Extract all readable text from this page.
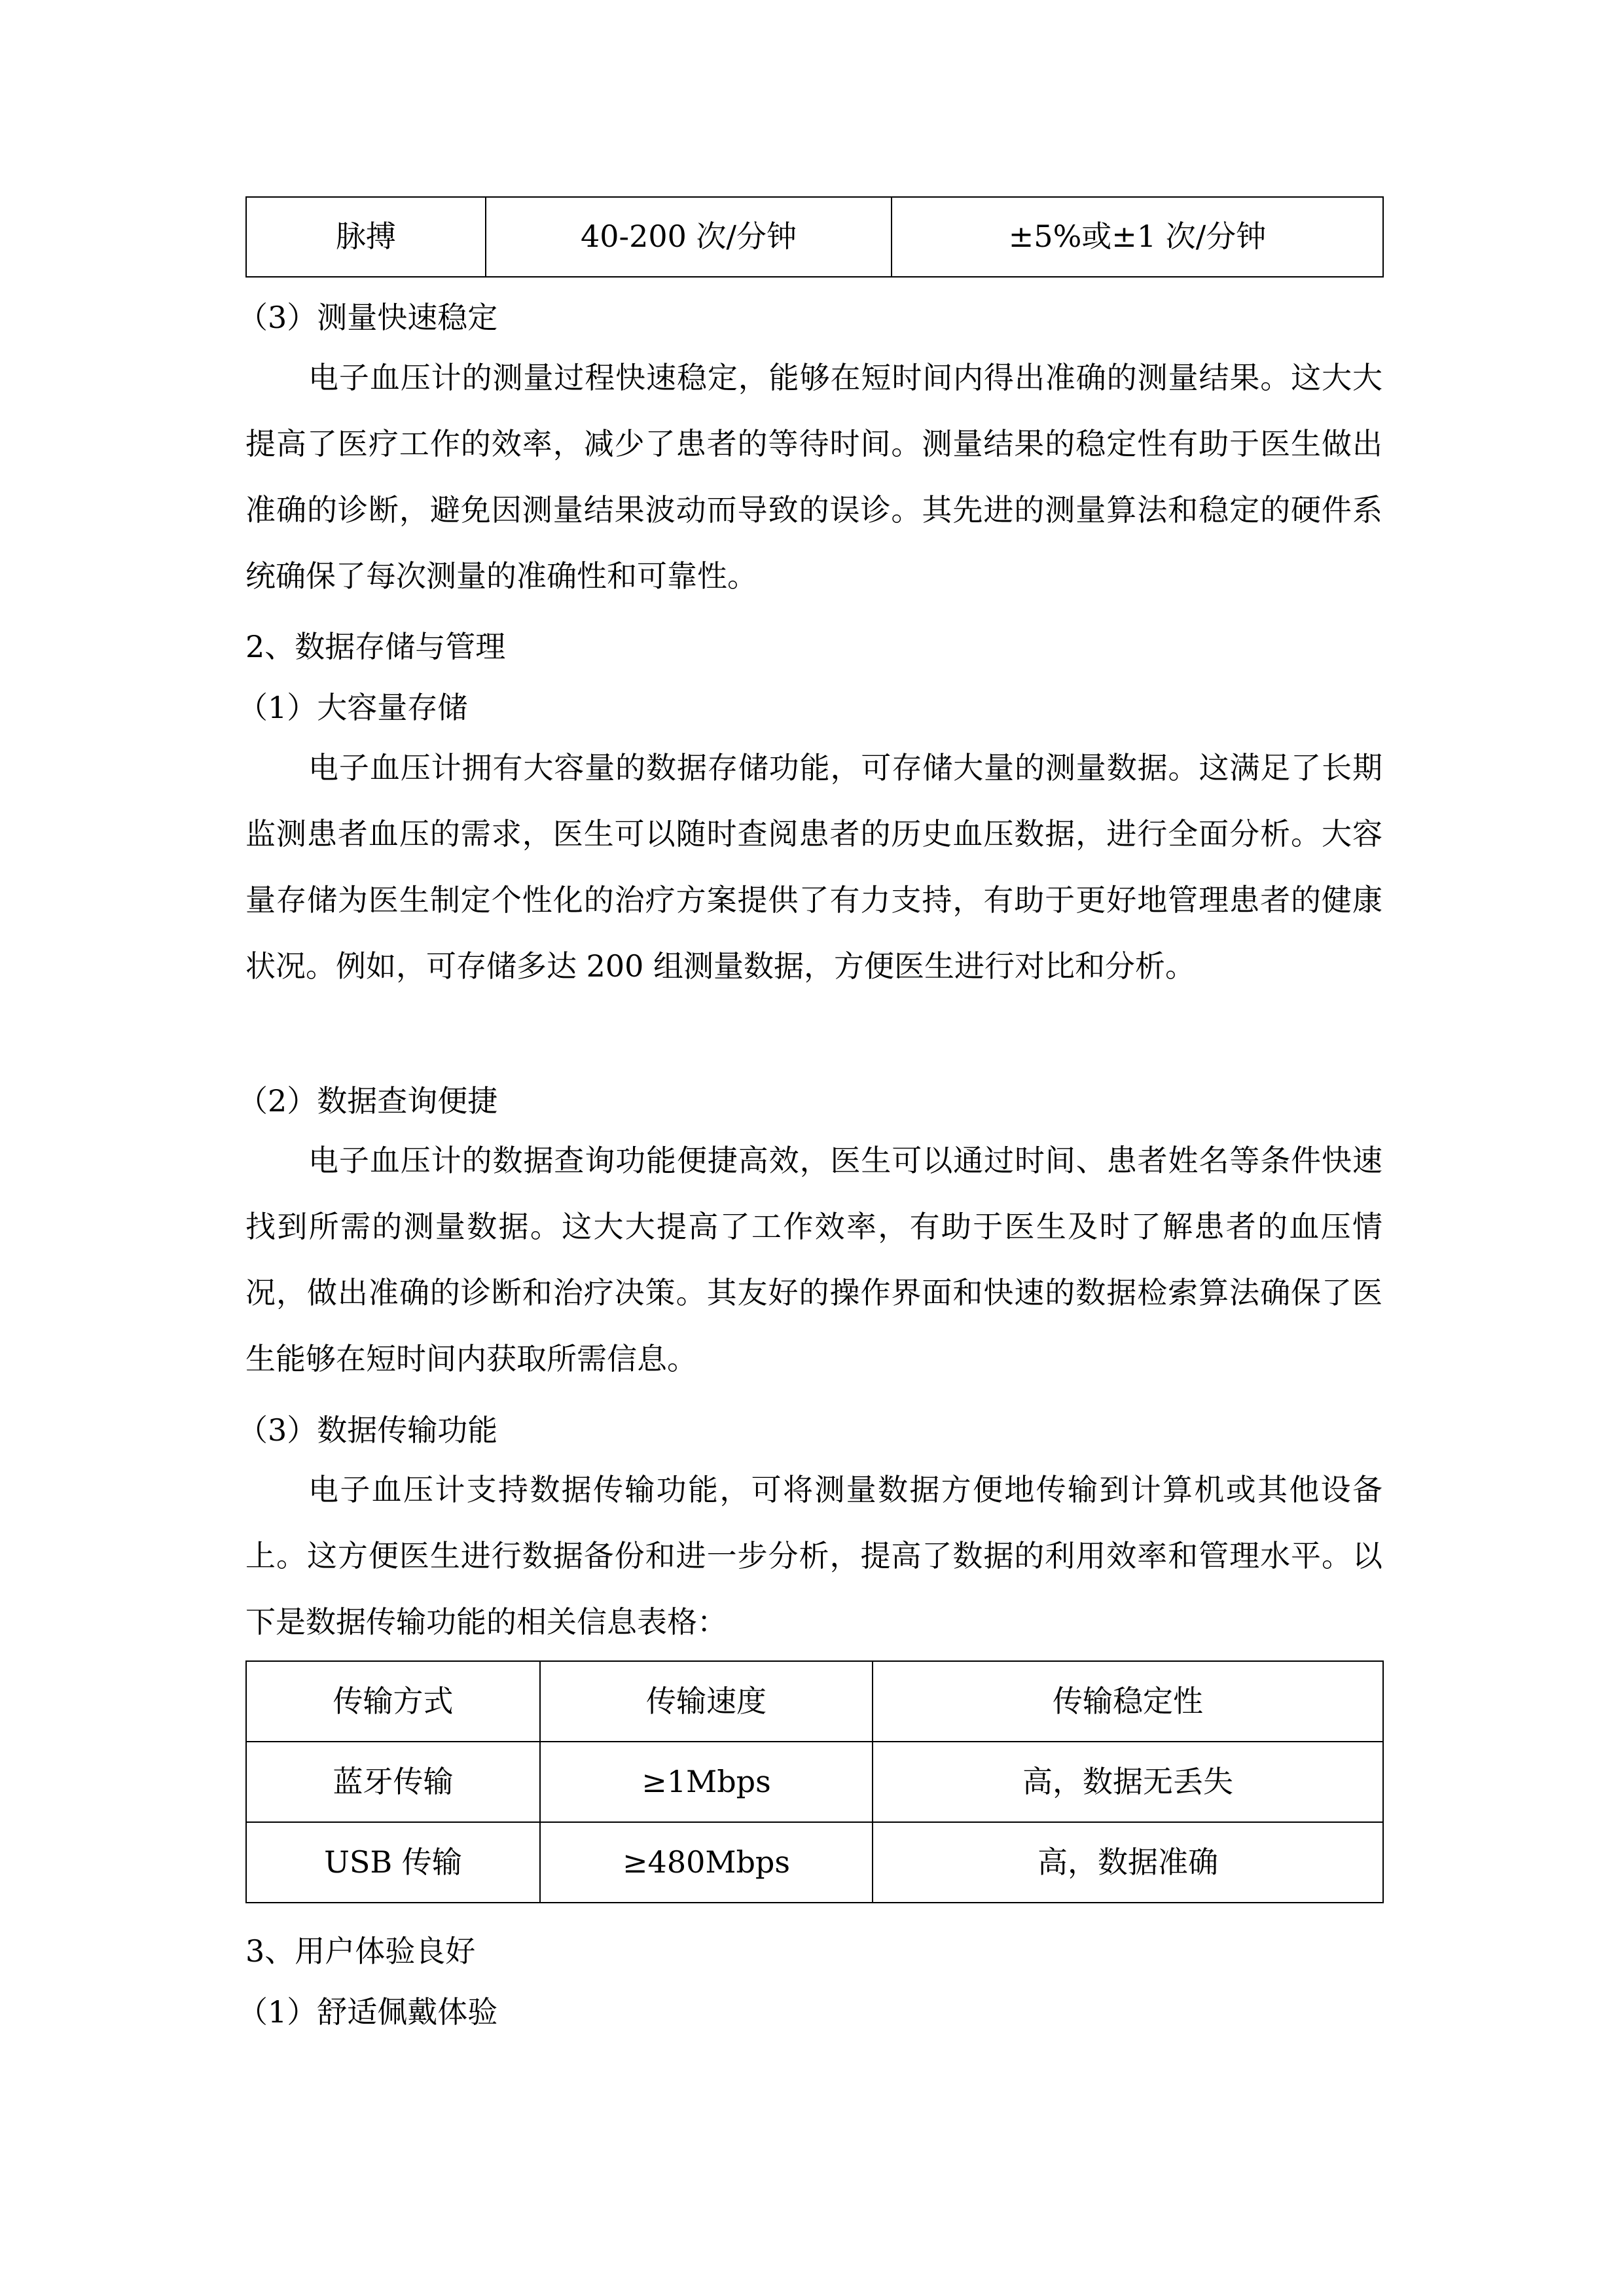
脉搏	40-200 次/分钟	±5%或±1 次/分钟

（3）测量快速稳定

电子血压计的测量过程快速稳定，能够在短时间内得出准确的测量结果。这大大提高了医疗工作的效率，减少了患者的等待时间。测量结果的稳定性有助于医生做出准确的诊断，避免因测量结果波动而导致的误诊。其先进的测量算法和稳定的硬件系统确保了每次测量的准确性和可靠性。

2、数据存储与管理

（1）大容量存储

电子血压计拥有大容量的数据存储功能，可存储大量的测量数据。这满足了长期监测患者血压的需求，医生可以随时查阅患者的历史血压数据，进行全面分析。大容量存储为医生制定个性化的治疗方案提供了有力支持，有助于更好地管理患者的健康状况。例如，可存储多达 200 组测量数据，方便医生进行对比和分析。

（2）数据查询便捷

电子血压计的数据查询功能便捷高效，医生可以通过时间、患者姓名等条件快速找到所需的测量数据。这大大提高了工作效率，有助于医生及时了解患者的血压情况，做出准确的诊断和治疗决策。其友好的操作界面和快速的数据检索算法确保了医生能够在短时间内获取所需信息。

（3）数据传输功能

电子血压计支持数据传输功能，可将测量数据方便地传输到计算机或其他设备上。这方便医生进行数据备份和进一步分析，提高了数据的利用效率和管理水平。以下是数据传输功能的相关信息表格：

传输方式	传输速度	传输稳定性
蓝牙传输	≥1Mbps	高，数据无丢失
USB 传输	≥480Mbps	高，数据准确

3、用户体验良好

（1）舒适佩戴体验
